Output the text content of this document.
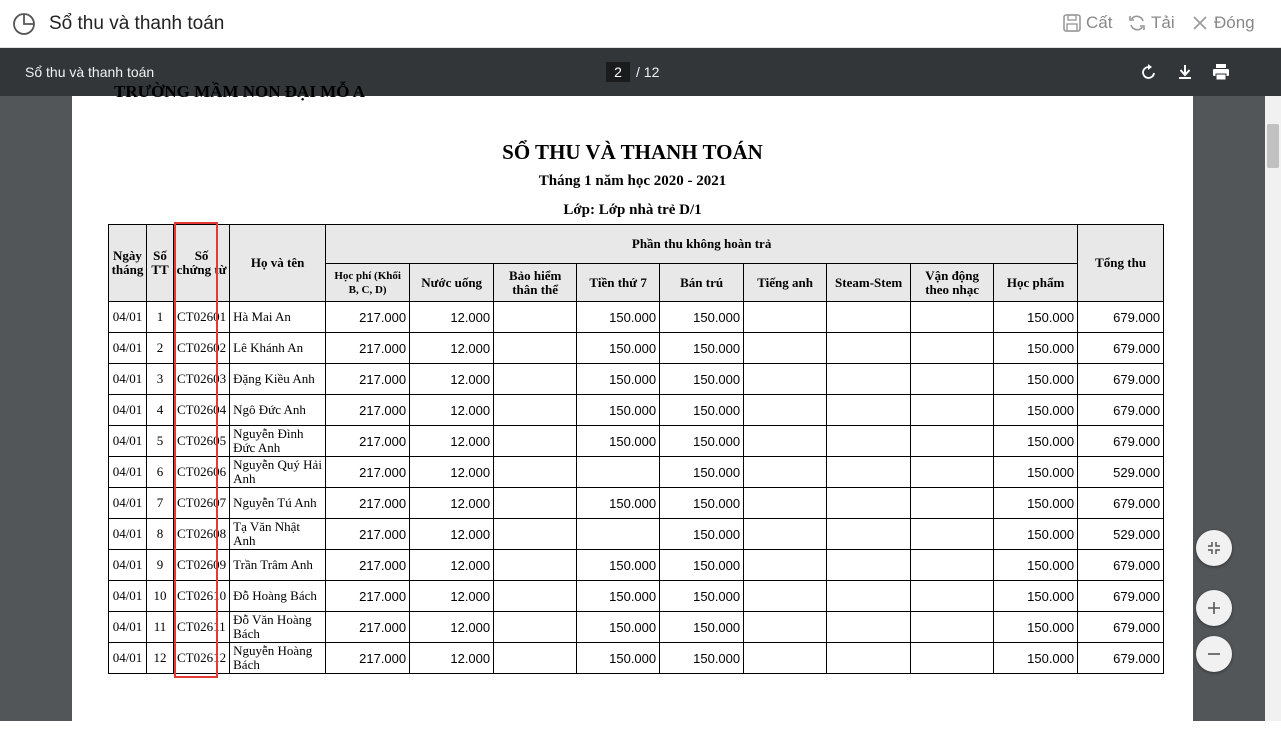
Sổ thu và thanh toán	Cất Tải Đóng
Sổ thu và thanh toán	2	/ 12
TRƯỜNG MẦM NON ĐẠI MỖ A
SỔ THU VÀ THANH TOÁN
Tháng 1 năm học 2020 - 2021
Lớp: Lớp nhà trẻ D/1
Ngày tháng	Số TT	Số chứng từ	Họ và tên	Phần thu không hoàn trả									Tổng thu
				Học phí (Khối B, C, D)	Nước uống	Bảo hiểm thân thể	Tiền thứ 7	Bán trú	Tiếng anh	Steam-Stem	Vận động theo nhạc	Học phẩm	
04/01	1	CT02601	Hà Mai An	217.000	12.000		150.000	150.000				150.000	679.000
04/01	2	CT02602	Lê Khánh An	217.000	12.000		150.000	150.000				150.000	679.000
04/01	3	CT02603	Đặng Kiều Anh	217.000	12.000		150.000	150.000				150.000	679.000
04/01	4	CT02604	Ngô Đức Anh	217.000	12.000		150.000	150.000				150.000	679.000
04/01	5	CT02605	Nguyễn Đình Đức Anh	217.000	12.000		150.000	150.000				150.000	679.000
04/01	6	CT02606	Nguyễn Quý Hải Anh	217.000	12.000			150.000				150.000	529.000
04/01	7	CT02607	Nguyễn Tú Anh	217.000	12.000		150.000	150.000				150.000	679.000
04/01	8	CT02608	Tạ Văn Nhật Anh	217.000	12.000			150.000				150.000	529.000
04/01	9	CT02609	Trần Trâm Anh	217.000	12.000		150.000	150.000				150.000	679.000
04/01	10	CT02610	Đỗ Hoàng Bách	217.000	12.000		150.000	150.000				150.000	679.000
04/01	11	CT02611	Đỗ Văn Hoàng Bách	217.000	12.000		150.000	150.000				150.000	679.000
04/01	12	CT02612	Nguyễn Hoàng Bách	217.000	12.000		150.000	150.000				150.000	679.000
